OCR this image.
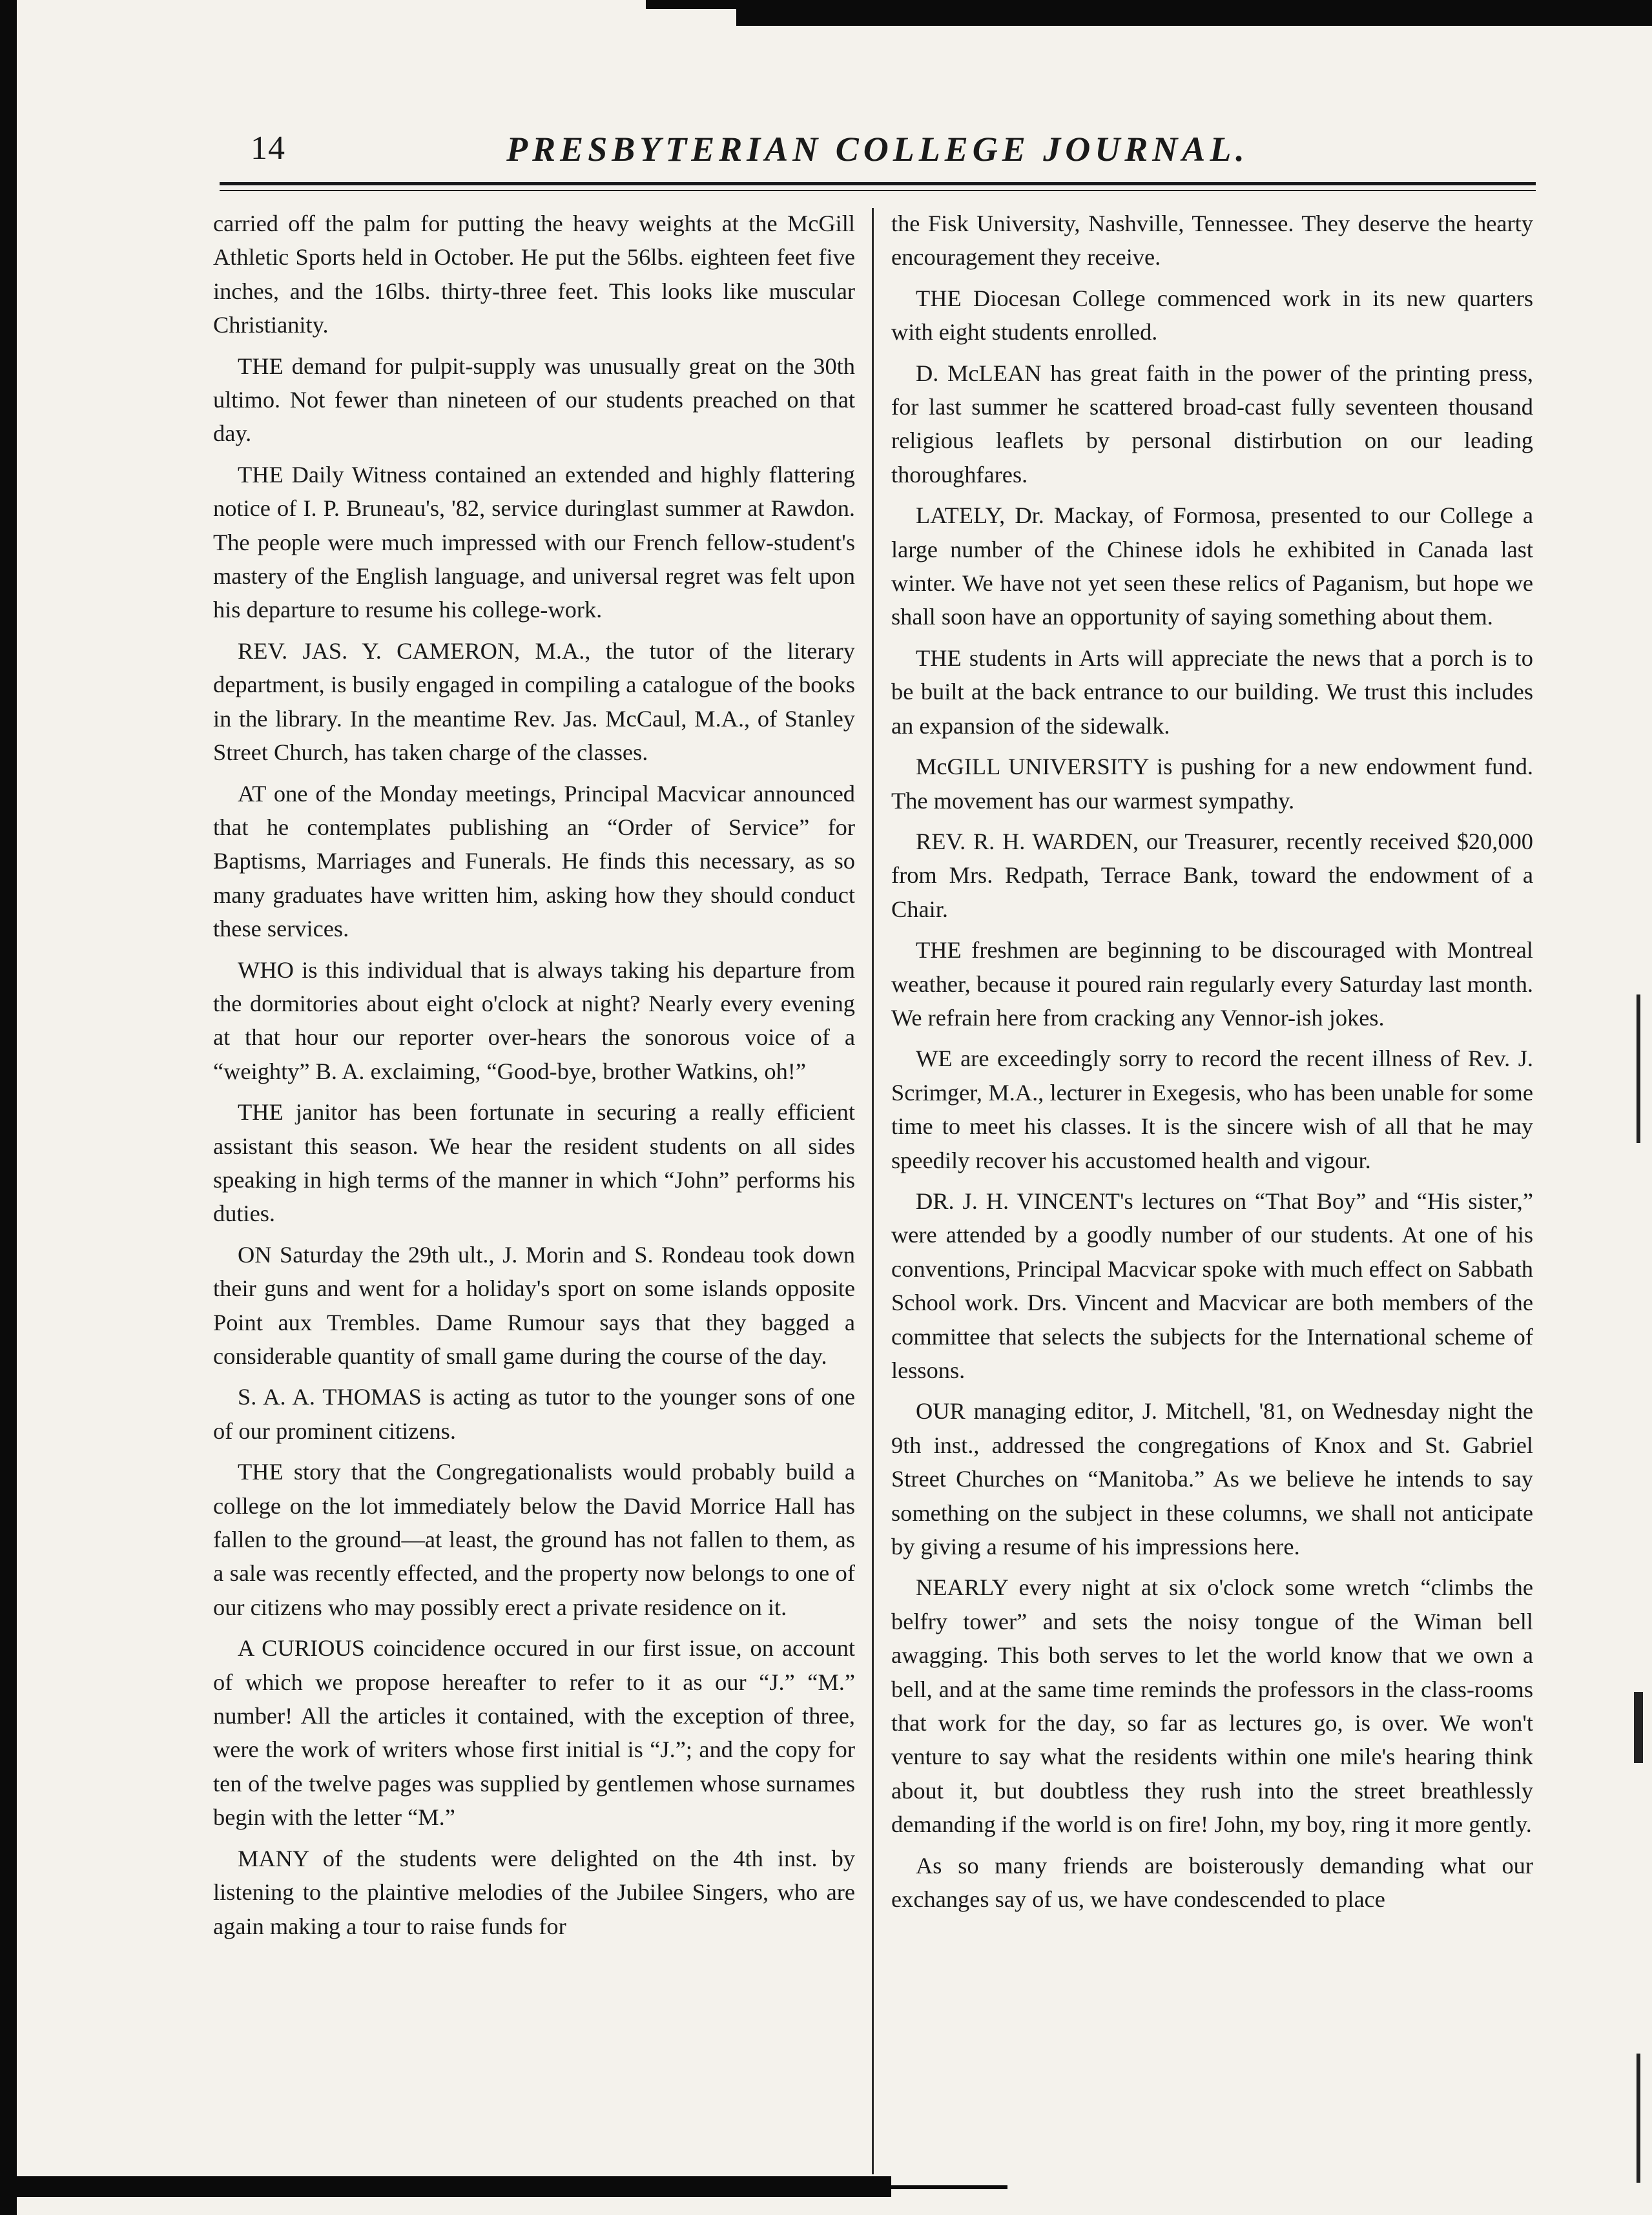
14	PRESBYTERIAN COLLEGE JOURNAL.

carried off the palm for putting the heavy weights at the McGill Athletic Sports held in October. He put the 56lbs. eighteen feet five inches, and the 16lbs. thirty-three feet. This looks like muscular Christianity.

THE demand for pulpit-supply was unusually great on the 30th ultimo. Not fewer than nineteen of our students preached on that day.

THE Daily Witness contained an extended and highly flattering notice of I. P. Bruneau's, '82, service duringlast summer at Rawdon. The people were much impressed with our French fellow-student's mastery of the English language, and universal regret was felt upon his departure to resume his college-work.

REV. JAS. Y. CAMERON, M.A., the tutor of the literary department, is busily engaged in compiling a catalogue of the books in the library. In the meantime Rev. Jas. McCaul, M.A., of Stanley Street Church, has taken charge of the classes.

AT one of the Monday meetings, Principal Macvicar announced that he contemplates publishing an “Order of Service” for Baptisms, Marriages and Funerals. He finds this necessary, as so many graduates have written him, asking how they should conduct these services.

WHO is this individual that is always taking his departure from the dormitories about eight o'clock at night? Nearly every evening at that hour our reporter over-hears the sonorous voice of a “weighty” B. A. exclaiming, “Good-bye, brother Watkins, oh!”

THE janitor has been fortunate in securing a really efficient assistant this season. We hear the resident students on all sides speaking in high terms of the manner in which “John” performs his duties.

ON Saturday the 29th ult., J. Morin and S. Rondeau took down their guns and went for a holiday's sport on some islands opposite Point aux Trembles. Dame Rumour says that they bagged a considerable quantity of small game during the course of the day.

S. A. A. THOMAS is acting as tutor to the younger sons of one of our prominent citizens.

THE story that the Congregationalists would probably build a college on the lot immediately below the David Morrice Hall has fallen to the ground—at least, the ground has not fallen to them, as a sale was recently effected, and the property now belongs to one of our citizens who may possibly erect a private residence on it.

A CURIOUS coincidence occured in our first issue, on account of which we propose hereafter to refer to it as our “J.” “M.” number! All the articles it contained, with the exception of three, were the work of writers whose first initial is “J.”; and the copy for ten of the twelve pages was supplied by gentlemen whose surnames begin with the letter “M.”

MANY of the students were delighted on the 4th inst. by listening to the plaintive melodies of the Jubilee Singers, who are again making a tour to raise funds for

the Fisk University, Nashville, Tennessee. They deserve the hearty encouragement they receive.

THE Diocesan College commenced work in its new quarters with eight students enrolled.

D. McLEAN has great faith in the power of the printing press, for last summer he scattered broad-cast fully seventeen thousand religious leaflets by personal distirbution on our leading thoroughfares.

LATELY, Dr. Mackay, of Formosa, presented to our College a large number of the Chinese idols he exhibited in Canada last winter. We have not yet seen these relics of Paganism, but hope we shall soon have an opportunity of saying something about them.

THE students in Arts will appreciate the news that a porch is to be built at the back entrance to our building. We trust this includes an expansion of the sidewalk.

McGILL UNIVERSITY is pushing for a new endowment fund. The movement has our warmest sympathy.

REV. R. H. WARDEN, our Treasurer, recently received $20,000 from Mrs. Redpath, Terrace Bank, toward the endowment of a Chair.

THE freshmen are beginning to be discouraged with Montreal weather, because it poured rain regularly every Saturday last month. We refrain here from cracking any Vennor-ish jokes.

WE are exceedingly sorry to record the recent illness of Rev. J. Scrimger, M.A., lecturer in Exegesis, who has been unable for some time to meet his classes. It is the sincere wish of all that he may speedily recover his accustomed health and vigour.

DR. J. H. VINCENT's lectures on “That Boy” and “His sister,” were attended by a goodly number of our students. At one of his conventions, Principal Macvicar spoke with much effect on Sabbath School work. Drs. Vincent and Macvicar are both members of the committee that selects the subjects for the International scheme of lessons.

OUR managing editor, J. Mitchell, '81, on Wednesday night the 9th inst., addressed the congregations of Knox and St. Gabriel Street Churches on “Manitoba.” As we believe he intends to say something on the subject in these columns, we shall not anticipate by giving a resume of his impressions here.

NEARLY every night at six o'clock some wretch “climbs the belfry tower” and sets the noisy tongue of the Wiman bell awagging. This both serves to let the world know that we own a bell, and at the same time reminds the professors in the class-rooms that work for the day, so far as lectures go, is over. We won't venture to say what the residents within one mile's hearing think about it, but doubtless they rush into the street breathlessly demanding if the world is on fire! John, my boy, ring it more gently.

As so many friends are boisterously demanding what our exchanges say of us, we have condescended to place
